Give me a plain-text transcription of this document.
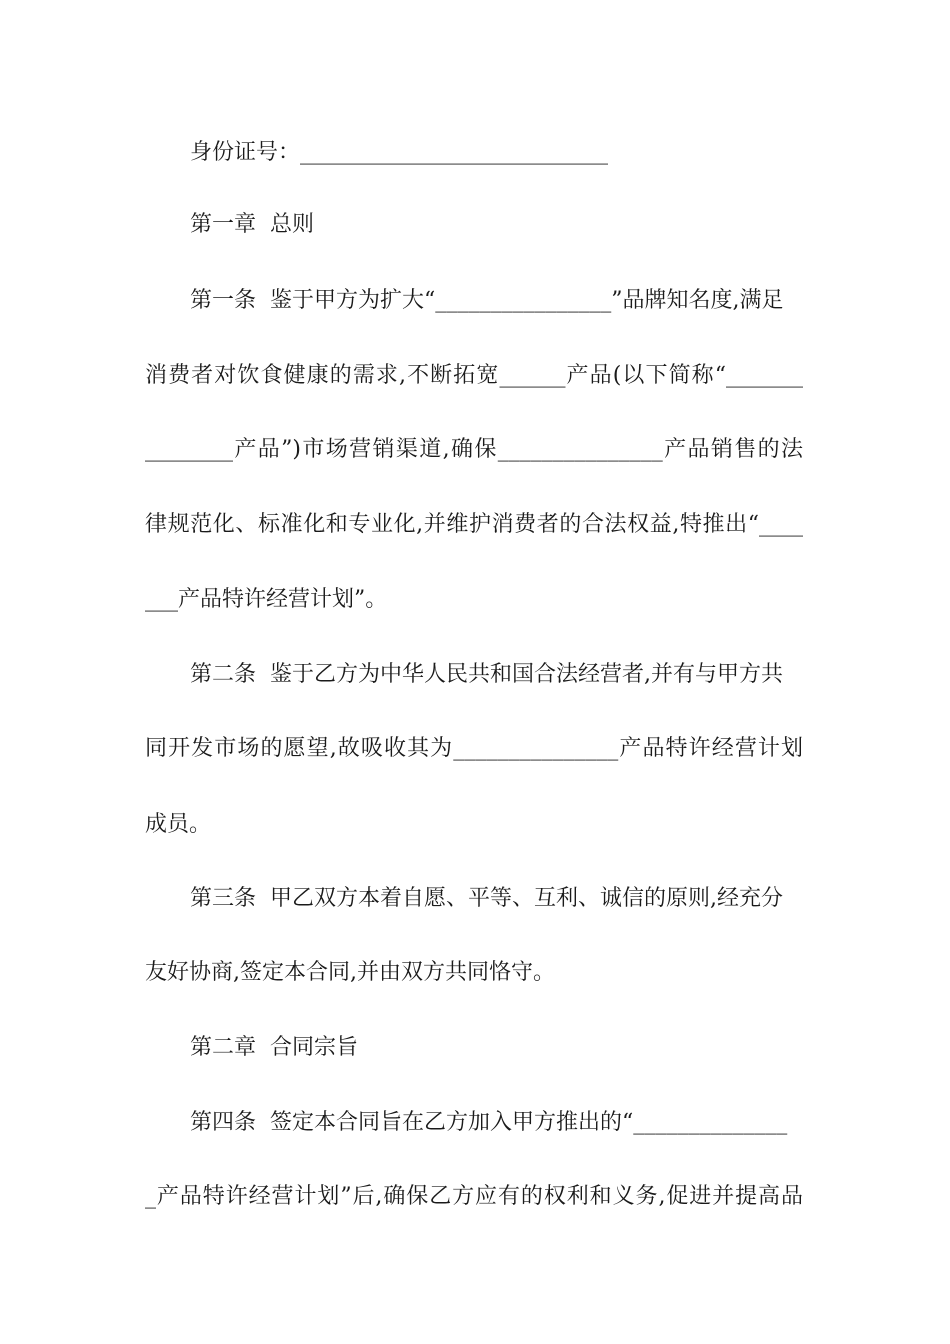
身份证号：____________________________
第一章 总则
第一条 鉴于甲方为扩大“________________”品牌知名度,满足
消费者对饮食健康的需求,不断拓宽______产品(以下简称“_______
________产品”)市场营销渠道,确保_______________产品销售的法
律规范化、标准化和专业化,并维护消费者的合法权益,特推出“____
___产品特许经营计划”。
第二条 鉴于乙方为中华人民共和国合法经营者,并有与甲方共
同开发市场的愿望,故吸收其为_______________产品特许经营计划
成员。
第三条 甲乙双方本着自愿、平等、互利、诚信的原则,经充分
友好协商,签定本合同,并由双方共同恪守。
第二章 合同宗旨
第四条 签定本合同旨在乙方加入甲方推出的“______________
_产品特许经营计划”后,确保乙方应有的权利和义务,促进并提高品
